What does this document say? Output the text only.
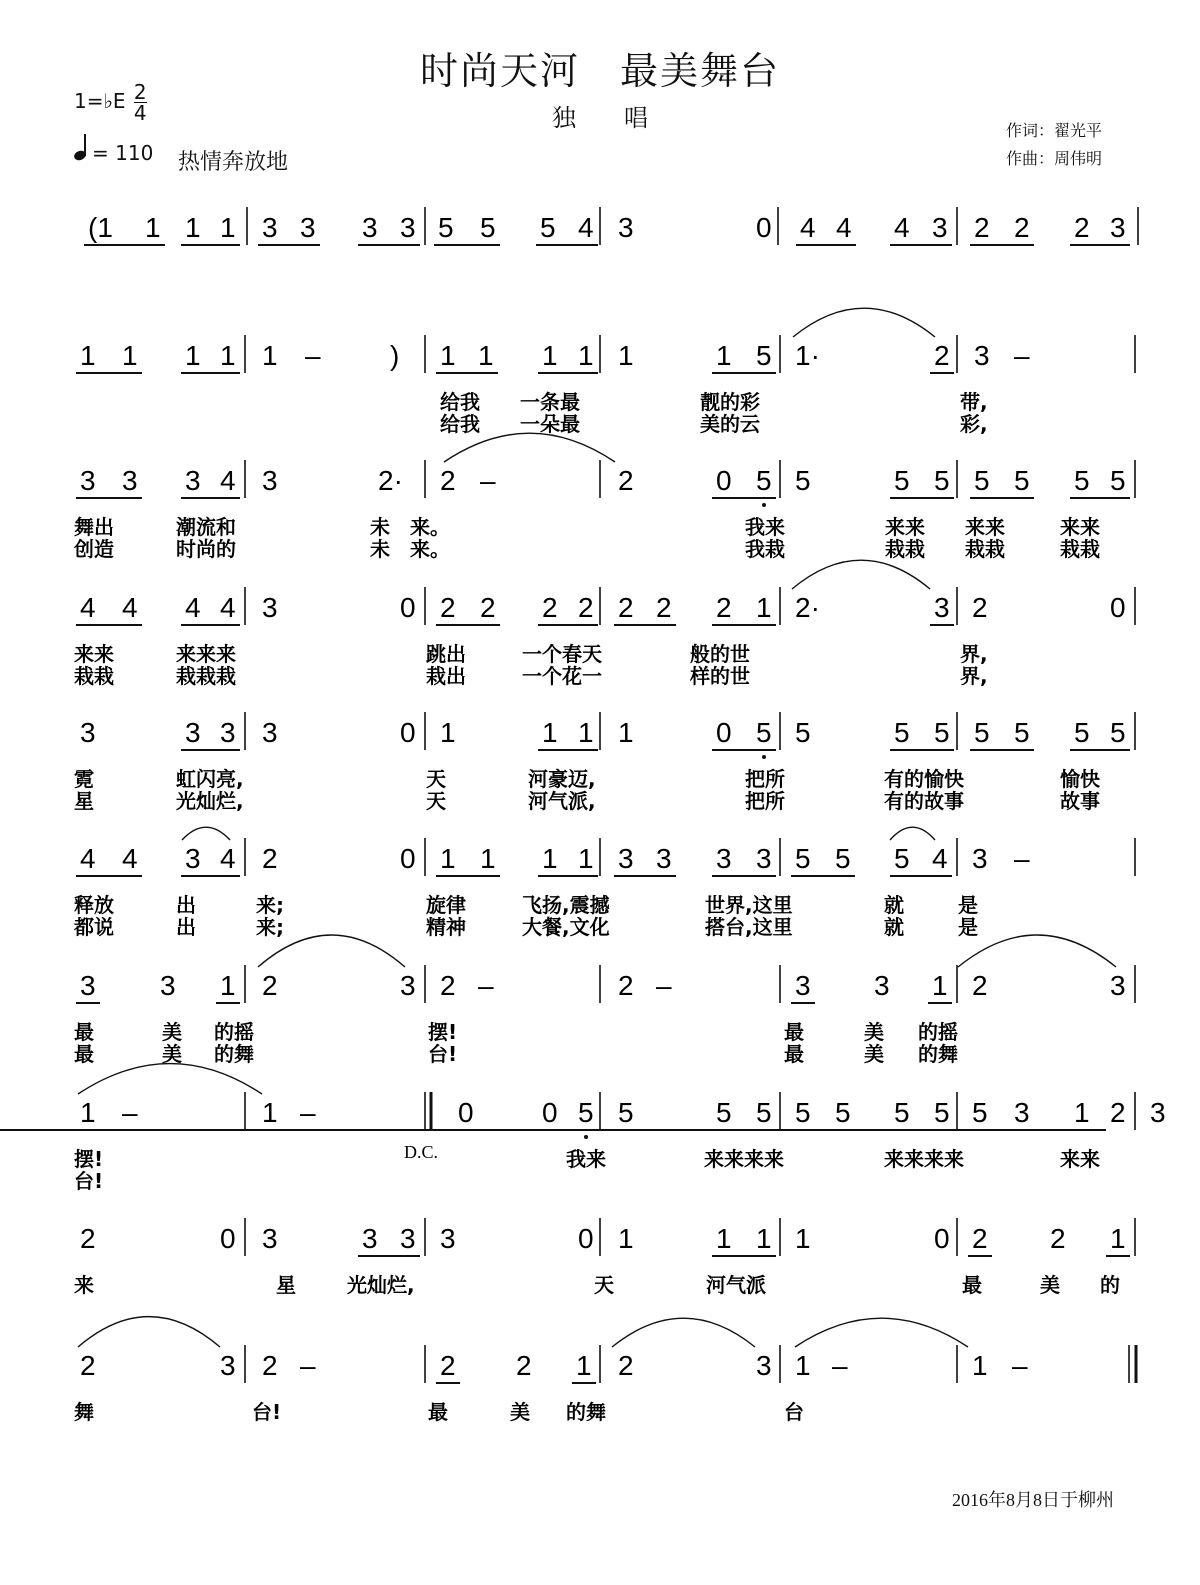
时尚天河　最美舞台
独　　唱
1=♭E $\frac{2}{4}$
= 110 热情奔放地
作词：翟光平
作曲：周伟明
(1 1 1 1 3 3 3 3 5 5 5 4 3	0 4 4 4 3 2 2 2 3
1 1 1 1 1 – ) 1 1 1 1 1	1 5 1·	2 3 –
给我 一条最	靓的彩	带,
给我 一朵最	美的云	彩,
3 3 3 4 3	2· 2 –	2	0 5 5	5 5 5 5 5 5
舞出	潮流和	未 来。	我来	来来 来来	来来
创造	时尚的	未 来。	我栽	栽栽 栽栽	栽栽
4 4 4 4 3	0 2 2 2 2 2 2 2 1 2·	3 2	0
来来	来来来	跳出	一个春天	般的世	界,
栽栽	栽栽栽	栽出	一个花一	样的世	界,
3	3 3 3	0 1	1 1 1	0 5 5	5 5 5 5 5 5
霓	虹闪亮,	天	河豪迈,	把所	有的愉快	愉快
星	光灿烂,	天	河气派,	把所	有的故事	故事
4 4 3 4 2	0 1 1 1 1 3 3 3 3 5 5 5 4 3 –
释放	出	来;	旋律	飞扬,震撼	世界,这里	就	是
都说	出	来;	精神	大餐,文化	搭台,这里	就	是
3 3 1 2	3 2 –	2 –	3 3 1 2	3
最	美 的摇	摆!	最	美 的摇
最	美 的舞	台!	最	美 的舞
1 –	1 –	0 0 5 5	5 5 5 5 5 5 5 3 1 2 3
摆!	我来	来来来来	来来来来	来来
台!
2	0 3	3 3 3	0 1	1 1 1	0 2 2 1
来	星	光灿烂,	天	河气派	最	美 的
2	3 2 –	2 2 1 2	3 1 –	1 –
舞	台!	最	美 的舞	台
D.C.
2016年8月8日于柳州
